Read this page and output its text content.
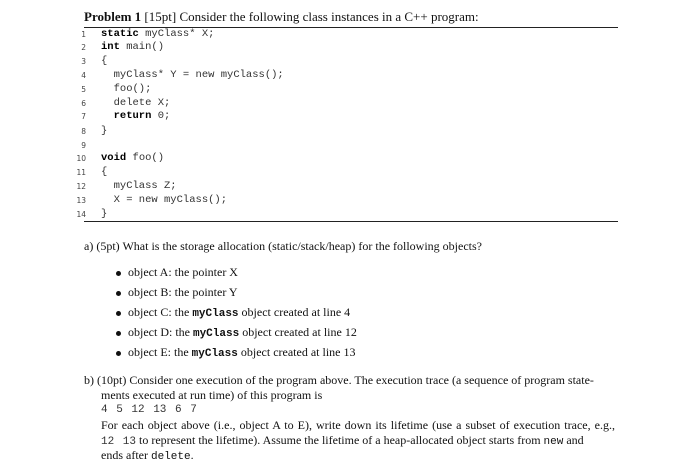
Problem 1 [15pt] Consider the following class instances in a C++ program:
1 static myClass* X;
2 int main()
3 {
4 myClass* Y = new myClass();
5 foo();
6 delete X;
7 return 0;
8 }
9
10 void foo()
11 {
12 myClass Z;
13 X = new myClass();
14 }
a) (5pt) What is the storage allocation (static/stack/heap) for the following objects?
object A: the pointer X
object B: the pointer Y
object C: the myClass object created at line 4
object D: the myClass object created at line 12
object E: the myClass object created at line 13
b) (10pt) Consider one execution of the program above. The execution trace (a sequence of program state-
ments executed at run time) of this program is
4 5 12 13 6 7
For each object above (i.e., object A to E), write down its lifetime (use a subset of execution trace, e.g.,
12 13 to represent the lifetime). Assume the lifetime of a heap-allocated object starts from new and
ends after delete.
